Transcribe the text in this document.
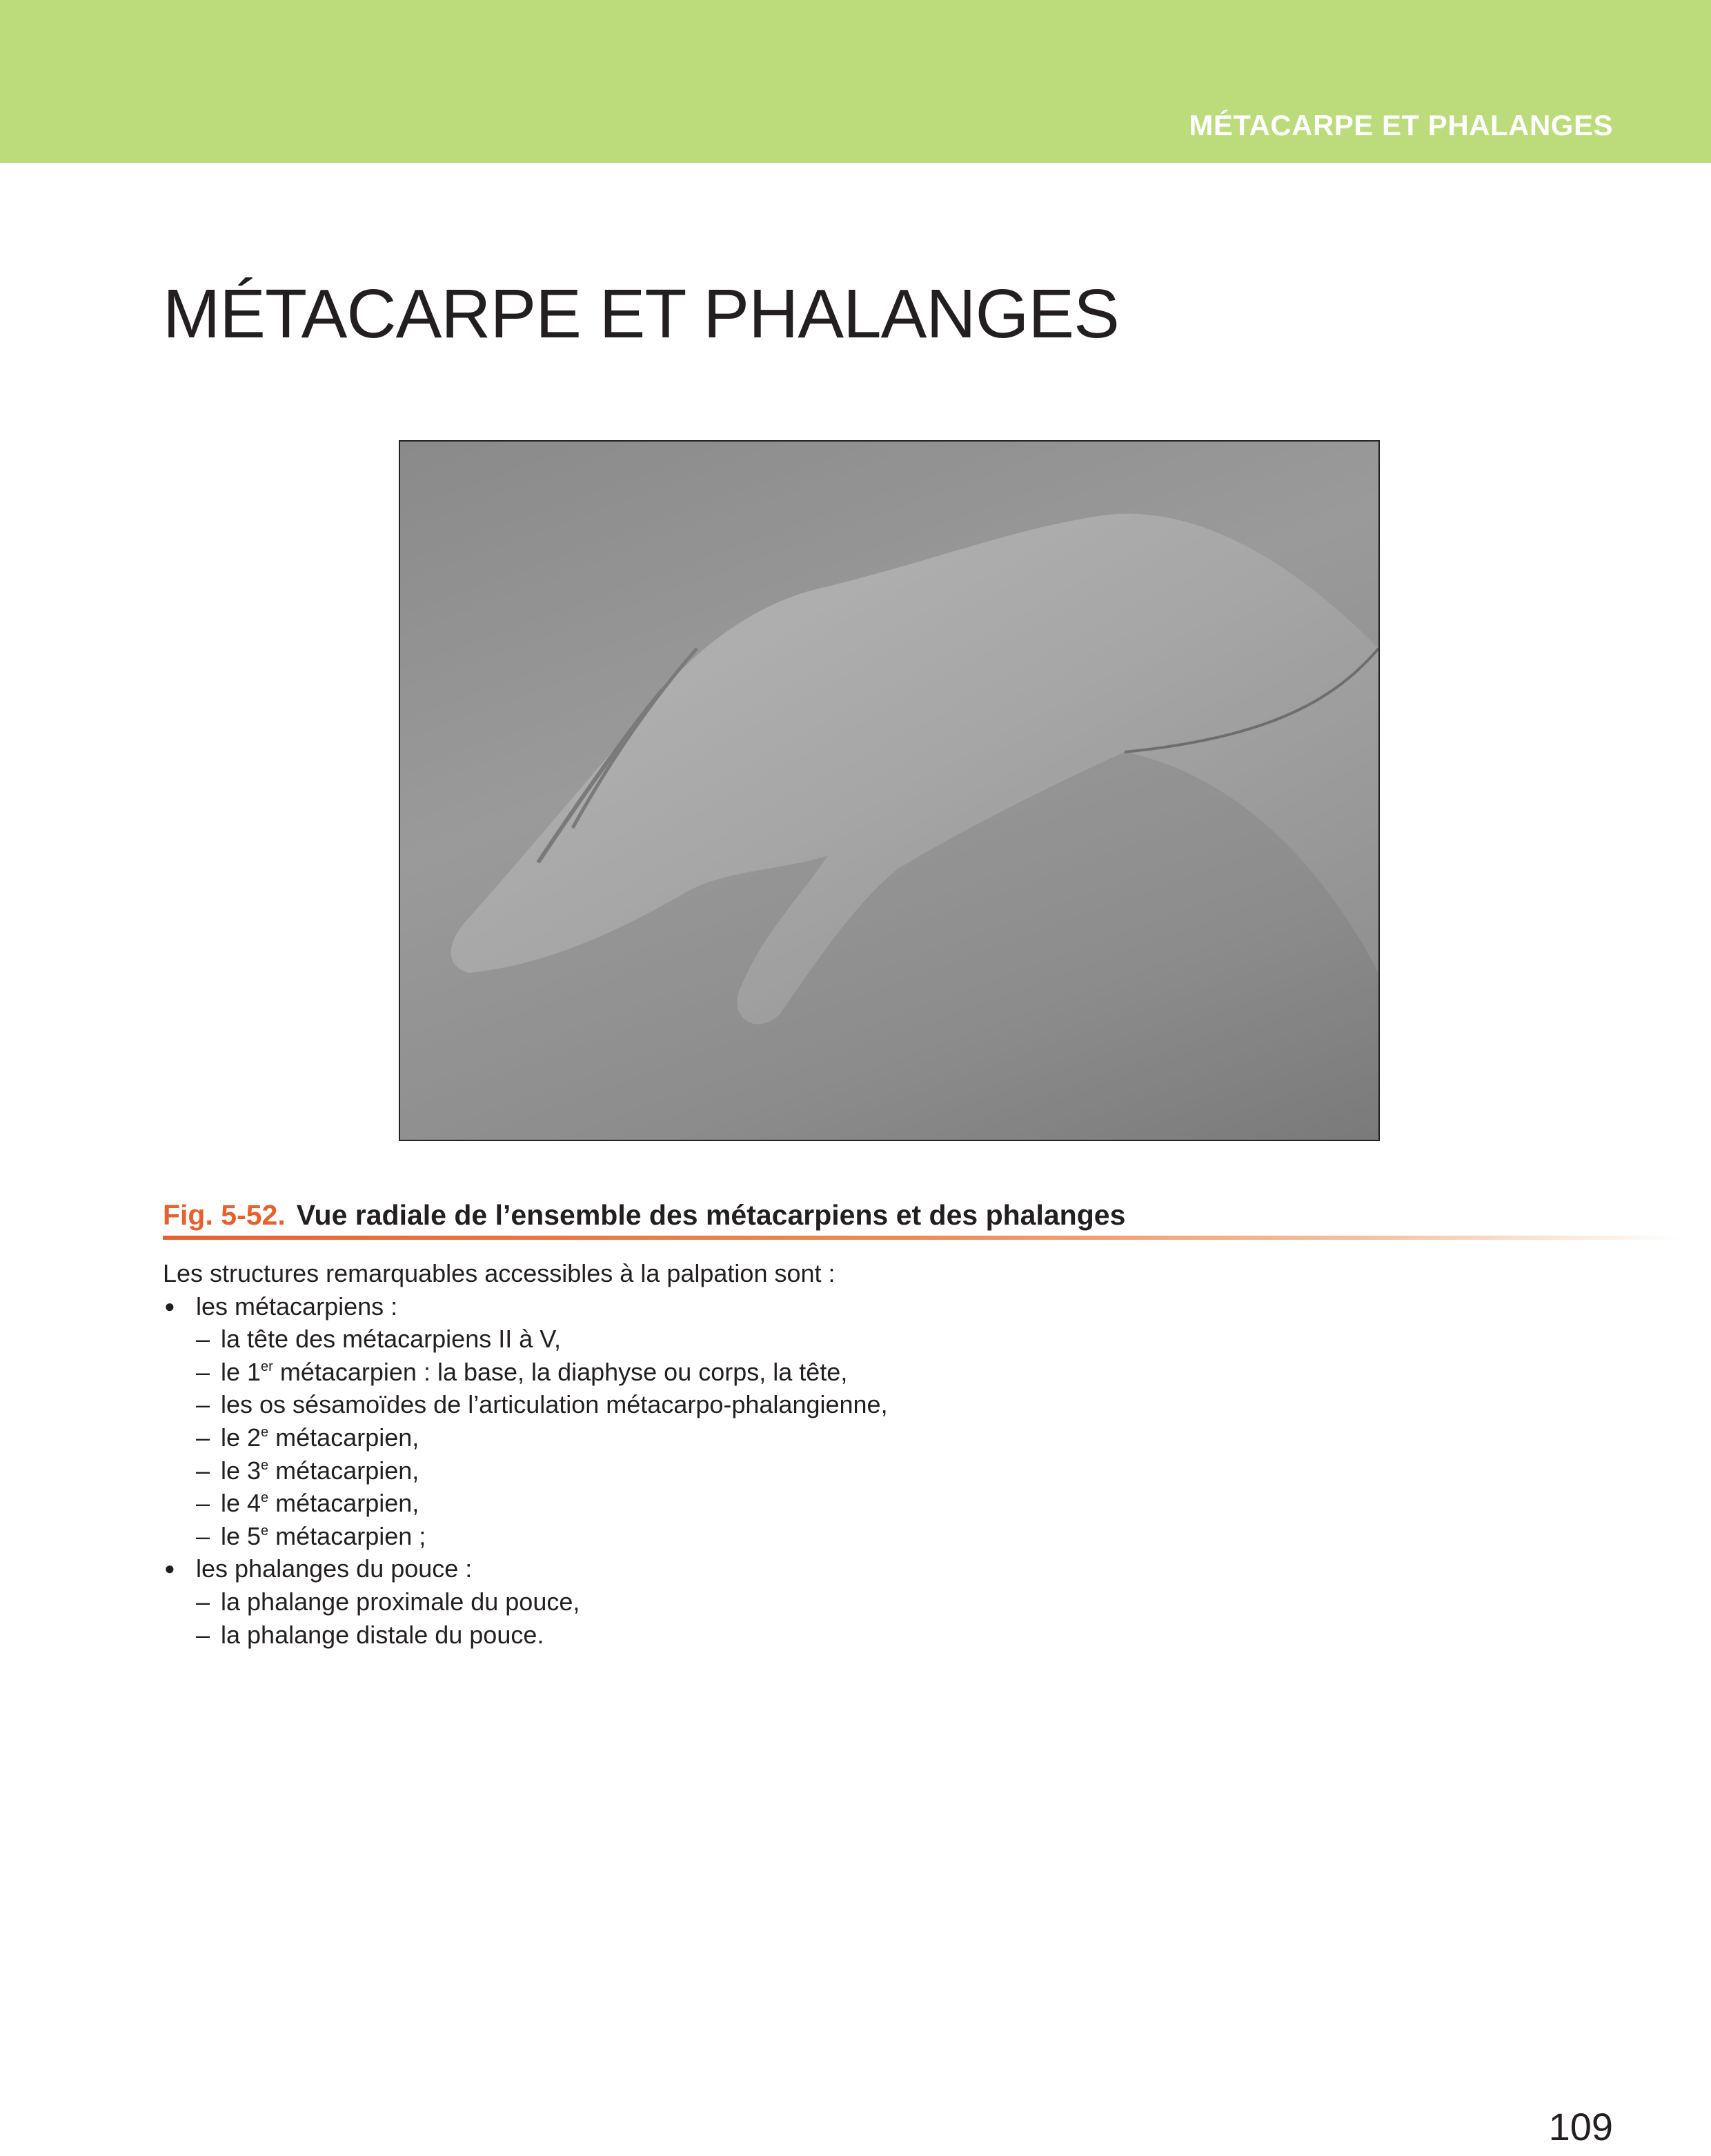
MÉTACARPE ET PHALANGES
MÉTACARPE ET PHALANGES
Fig. 5-52. Vue radiale de l’ensemble des métacarpiens et des phalanges
Les structures remarquables accessibles à la palpation sont :
● les métacarpiens :
– la tête des métacarpiens II à V,
– le 1er métacarpien : la base, la diaphyse ou corps, la tête,
– les os sésamoïdes de l’articulation métacarpo-phalangienne,
– le 2e métacarpien,
– le 3e métacarpien,
– le 4e métacarpien,
– le 5e métacarpien ;
● les phalanges du pouce :
– la phalange proximale du pouce,
– la phalange distale du pouce.
109
